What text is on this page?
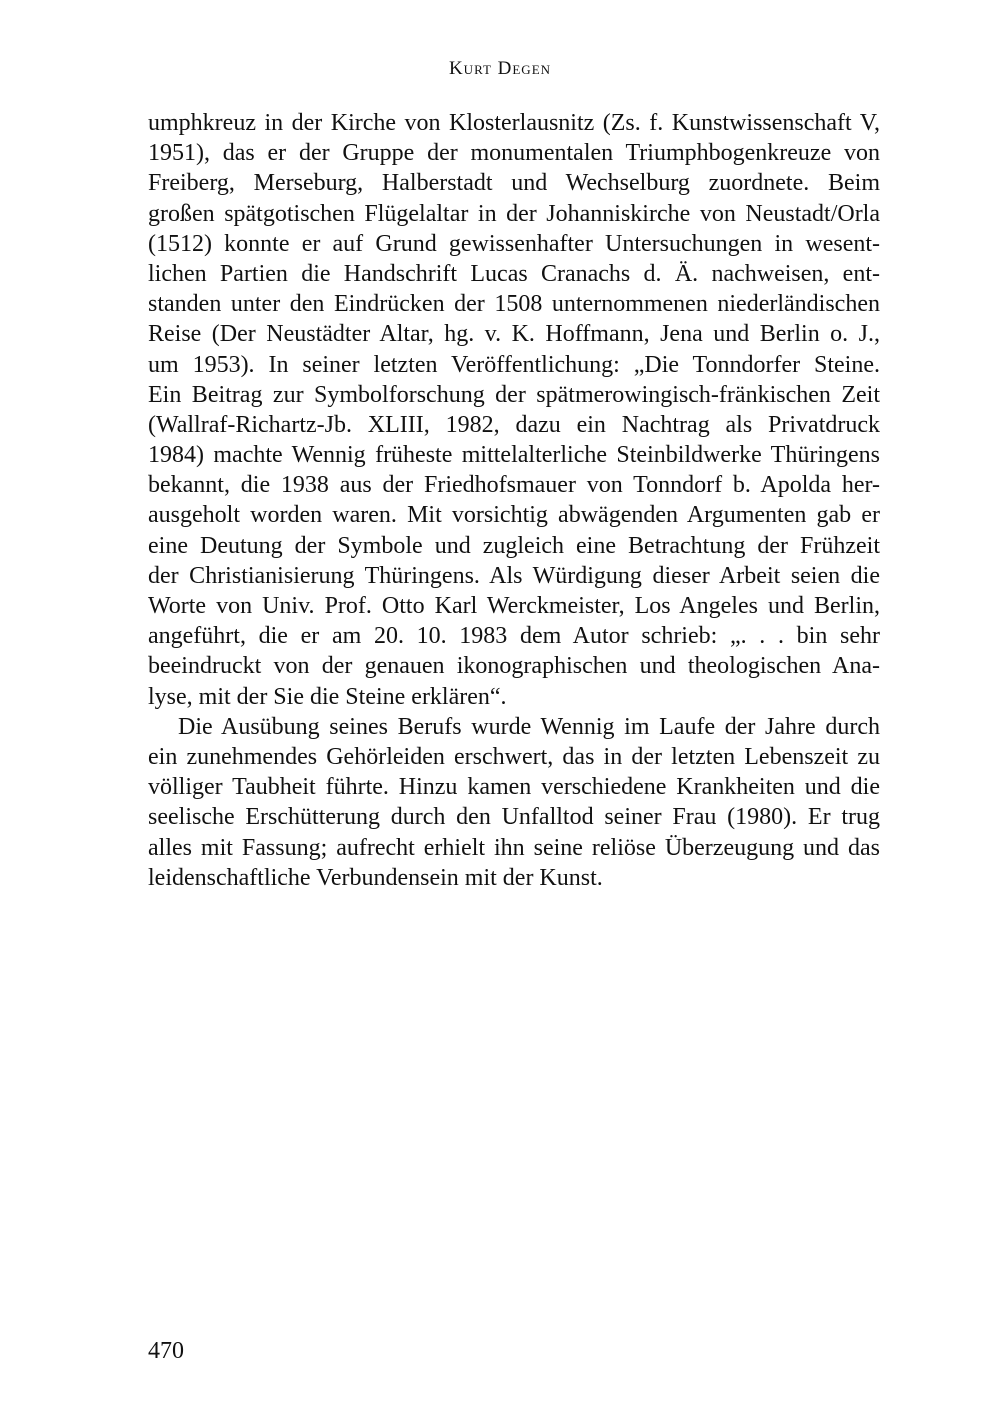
Kurt Degen
umphkreuz in der Kirche von Klosterlausnitz (Zs. f. Kunstwissenschaft V,
1951), das er der Gruppe der monumentalen Triumphbogenkreuze von
Freiberg, Merseburg, Halberstadt und Wechselburg zuordnete. Beim
großen spätgotischen Flügelaltar in der Johanniskirche von Neustadt/Orla
(1512) konnte er auf Grund gewissenhafter Untersuchungen in wesent-
lichen Partien die Handschrift Lucas Cranachs d. Ä. nachweisen, ent-
standen unter den Eindrücken der 1508 unternommenen niederländischen
Reise (Der Neustädter Altar, hg. v. K. Hoffmann, Jena und Berlin o. J.,
um 1953). In seiner letzten Veröffentlichung: „Die Tonndorfer Steine.
Ein Beitrag zur Symbolforschung der spätmerowingisch-fränkischen Zeit
(Wallraf-Richartz-Jb. XLIII, 1982, dazu ein Nachtrag als Privatdruck
1984) machte Wennig früheste mittelalterliche Steinbildwerke Thüringens
bekannt, die 1938 aus der Friedhofsmauer von Tonndorf b. Apolda her-
ausgeholt worden waren. Mit vorsichtig abwägenden Argumenten gab er
eine Deutung der Symbole und zugleich eine Betrachtung der Frühzeit
der Christianisierung Thüringens. Als Würdigung dieser Arbeit seien die
Worte von Univ. Prof. Otto Karl Werckmeister, Los Angeles und Berlin,
angeführt, die er am 20. 10. 1983 dem Autor schrieb: „. . . bin sehr
beeindruckt von der genauen ikonographischen und theologischen Ana-
lyse, mit der Sie die Steine erklären“.
Die Ausübung seines Berufs wurde Wennig im Laufe der Jahre durch
ein zunehmendes Gehörleiden erschwert, das in der letzten Lebenszeit zu
völliger Taubheit führte. Hinzu kamen verschiedene Krankheiten und die
seelische Erschütterung durch den Unfalltod seiner Frau (1980). Er trug
alles mit Fassung; aufrecht erhielt ihn seine reliöse Überzeugung und das
leidenschaftliche Verbundensein mit der Kunst.
470
